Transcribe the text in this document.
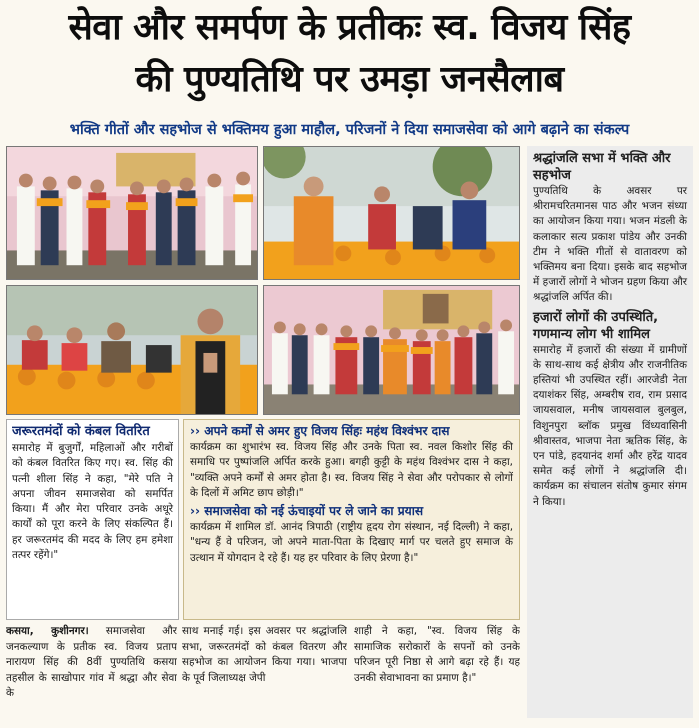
सेवा और समर्पण के प्रतीकः स्व. विजय सिंह
की पुण्यतिथि पर उमड़ा जनसैलाब
भक्ति गीतों और सहभोज से भक्तिमय हुआ माहौल, परिजनों ने दिया समाजसेवा को आगे बढ़ाने का संकल्प
श्रद्धांजलि सभा में भक्ति और सहभोज
पुण्यतिथि के अवसर पर श्रीरामचरितमानस पाठ और भजन संध्या का आयोजन किया गया। भजन मंडली के कलाकार सत्य प्रकाश पांडेय और उनकी टीम ने भक्ति गीतों से वातावरण को भक्तिमय बना दिया। इसके बाद सहभोज में हजारों लोगों ने भोजन ग्रहण किया और श्रद्धांजलि अर्पित की।
हजारों लोगों की उपस्थिति, गणमान्य लोग भी शामिल
समारोह में हजारों की संख्या में ग्रामीणों के साथ-साथ कई क्षेत्रीय और राजनीतिक हस्तियां भी उपस्थित रहीं। आरजेडी नेता दयाशंकर सिंह, अम्बरीष राव, राम प्रसाद जायसवाल, मनीष जायसवाल बुलबुल, विशुनपुरा ब्लॉक प्रमुख विंध्यवासिनी श्रीवास्तव, भाजपा नेता ऋतिक सिंह, के एन पांडे, हदयानंद शर्मा और हरेंद्र यादव समेत कई लोगों ने श्रद्धांजलि दी। कार्यक्रम का संचालन संतोष कुमार संगम ने किया।
जरूरतमंदों को कंबल वितरित
समारोह में बुजुर्गों, महिलाओं और गरीबों को कंबल वितरित किए गए। स्व. सिंह की पत्नी शीला सिंह ने कहा, "मेरे पति ने अपना जीवन समाजसेवा को समर्पित किया। मैं और मेरा परिवार उनके अधूरे कार्यों को पूरा करने के लिए संकल्पित हैं। हर जरूरतमंद की मदद के लिए हम हमेशा तत्पर रहेंगे।"
›› अपने कर्मों से अमर हुए विजय सिंहः महंथ विश्वंभर दास
कार्यक्रम का शुभारंभ स्व. विजय सिंह और उनके पिता स्व. नवल किशोर सिंह की समाधि पर पुष्पांजलि अर्पित करके हुआ। बगही कुट्टी के महंथ विश्वंभर दास ने कहा, "व्यक्ति अपने कर्मों से अमर होता है। स्व. विजय सिंह ने सेवा और परोपकार से लोगों के दिलों में अमिट छाप छोड़ी।"
›› समाजसेवा को नई ऊंचाइयों पर ले जाने का प्रयास
कार्यक्रम में शामिल डॉ. आनंद त्रिपाठी (राष्ट्रीय हृदय रोग संस्थान, नई दिल्ली) ने कहा, "धन्य हैं वे परिजन, जो अपने माता-पिता के दिखाए मार्ग पर चलते हुए समाज के उत्थान में योगदान दे रहे हैं। यह हर परिवार के लिए प्रेरणा है।"
कसया, कुशीनगर। समाजसेवा और जनकल्याण के प्रतीक स्व. विजय प्रताप नारायण सिंह की 8वीं पुण्यतिथि कसया तहसील के साखोपार गांव में श्रद्धा और सेवा के
साथ मनाई गई। इस अवसर पर श्रद्धांजलि सभा, जरूरतमंदों को कंबल वितरण और सहभोज का आयोजन किया गया। भाजपा के पूर्व जिलाध्यक्ष जेपी
शाही ने कहा, "स्व. विजय सिंह के सामाजिक सरोकारों के सपनों को उनके परिजन पूरी निष्ठा से आगे बढ़ा रहे हैं। यह उनकी सेवाभावना का प्रमाण है।"
